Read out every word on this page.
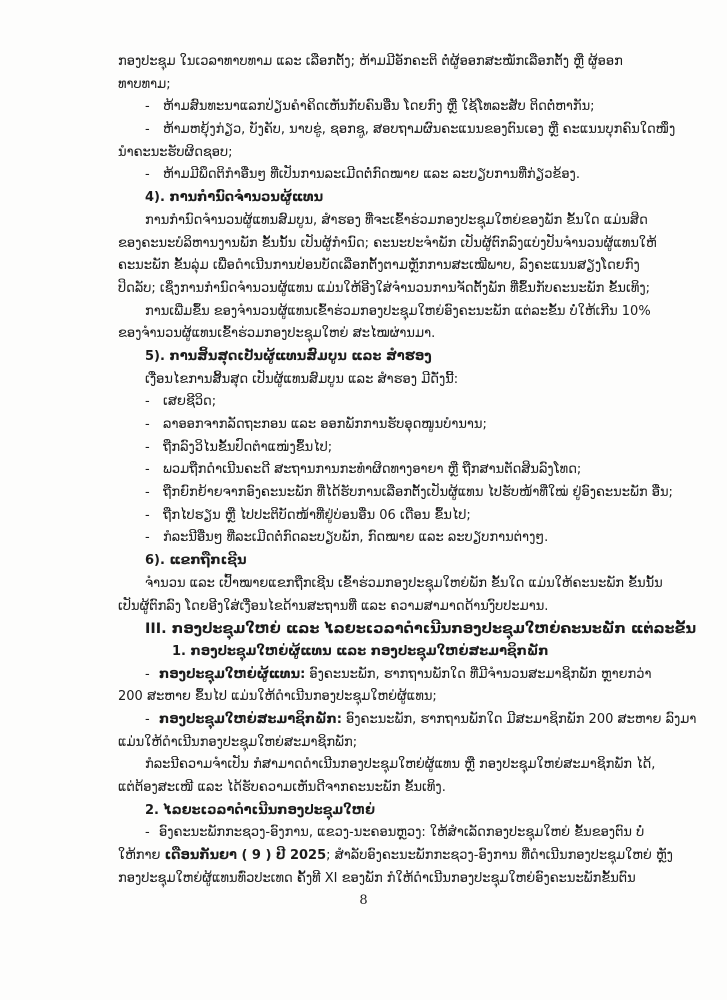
ກອງປະຊຸມ ໃນເວລາທາບທາມ ແລະ ເລືອກຕັ້ງ; ຫ້າມມີອັກຄະຕິ ຕໍ່ຜູ້ອອກສະໝັກເລືອກຕັ້ງ ຫຼື ຜູ້ອອກ
ທາບທາມ;
- ຫ້າມສົນທະນາແລກປ່ຽນຄຳຄິດເຫັນກັບຄົນອື່ນ ໂດຍກົງ ຫຼື ໃຊ້ໂທລະສັບ ຕິດຕໍ່ຫາກັນ;
- ຫ້າມຫຍຸ້ງກ່ຽວ, ບັງຄັບ, ນາບຂູ່, ຊອກຊູ, ສອບຖາມຜົນຄະແນນຂອງຕົນເອງ ຫຼື ຄະແນນບຸກຄົນໃດໜຶ່ງ
ນຳຄະນະຮັບຜິດຊອບ;
- ຫ້າມມີພຶດຕິກຳອື່ນໆ ທີ່ເປັນການລະເມີດຕໍ່ກົດໝາຍ ແລະ ລະບຽບການທີ່ກ່ຽວຂ້ອງ.
4). ການກຳນົດຈຳນວນຜູ້ແທນ
ການກຳນົດຈຳນວນຜູ້ແທນສົມບູນ, ສຳຮອງ ທີ່ຈະເຂົ້າຮ່ວມກອງປະຊຸມໃຫຍ່ຂອງພັກ ຂັ້ນໃດ ແມ່ນສິດ
ຂອງຄະນະບໍລິຫານງານພັກ ຂັ້ນນັ້ນ ເປັນຜູ້ກຳນົດ; ຄະນະປະຈຳພັກ ເປັນຜູ້ຕົກລົງແບ່ງປັນຈຳນວນຜູ້ແທນໃຫ້
ຄະນະພັກ ຂັ້ນລຸ່ມ ເພື່ອດຳເນີນການປ່ອນບັດເລືອກຕັ້ງຕາມຫຼັກການສະເໝີພາບ, ລົງຄະແນນສຽງໂດຍກົງ
ປິດລັບ; ເຊິ່ງການກຳນົດຈຳນວນຜູ້ແທນ ແມ່ນໃຫ້ອີງໃສ່ຈຳນວນການຈັດຕັ້ງພັກ ທີ່ຂຶ້ນກັບຄະນະພັກ ຂັ້ນເທິງ;
ການເພີ່ມຂຶ້ນ ຂອງຈຳນວນຜູ້ແທນເຂົ້າຮ່ວມກອງປະຊຸມໃຫຍ່ອົງຄະນະພັກ ແຕ່ລະຂັ້ນ ບໍ່ໃຫ້ເກີນ 10%
ຂອງຈຳນວນຜູ້ແທນເຂົ້າຮ່ວມກອງປະຊຸມໃຫຍ່ ສະໄໝຜ່ານມາ.
5). ການສິ້ນສຸດເປັນຜູ້ແທນສົມບູນ ແລະ ສຳຮອງ
ເງື່ອນໄຂການສິ້ນສຸດ ເປັນຜູ້ແທນສົມບູນ ແລະ ສຳຮອງ ມີດັ່ງນີ້:
- ເສຍຊີວິດ;
- ລາອອກຈາກລັດຖະກອນ ແລະ ອອກພັກການຮັບອຸດໜູນບຳນານ;
- ຖືກລົງວິໄນຂັ້ນປົດຕຳແໜ່ງຂຶ້ນໄປ;
- ພວມຖືກດຳເນີນຄະດີ ສະຖານການກະທຳຜິດທາງອາຍາ ຫຼື ຖືກສານຕັດສິນລົງໂທດ;
- ຖືກຍົກຍ້າຍຈາກອົງຄະນະພັກ ທີ່ໄດ້ຮັບການເລືອກຕັ້ງເປັນຜູ້ແທນ ໄປຮັບໜ້າທີ່ໃໝ່ ຢູ່ອົງຄະນະພັກ ອື່ນ;
- ຖືກໄປຮຽນ ຫຼື ໄປປະຕິບັດໜ້າທີ່ຢູ່ບ່ອນອື່ນ 06 ເດືອນ ຂຶ້ນໄປ;
- ກໍລະນີອື່ນໆ ທີ່ລະເມີດຕໍ່ກົດລະບຽບພັກ, ກົດໝາຍ ແລະ ລະບຽບການຕ່າງໆ.
6). ແຂກຖືກເຊີນ
ຈຳນວນ ແລະ ເປົ້າໝາຍແຂກຖືກເຊີນ ເຂົ້າຮ່ວມກອງປະຊຸມໃຫຍ່ພັກ ຂັ້ນໃດ ແມ່ນໃຫ້ຄະນະພັກ ຂັ້ນນັ້ນ
ເປັນຜູ້ຕົກລົງ ໂດຍອີງໃສ່ເງື່ອນໄຂດ້ານສະຖານທີ່ ແລະ ຄວາມສາມາດດ້ານງົບປະມານ.
III. ກອງປະຊຸມໃຫຍ່ ແລະ ໄລຍະເວລາດຳເນີນກອງປະຊຸມໃຫຍ່ຄະນະພັກ ແຕ່ລະຂັ້ນ
1. ກອງປະຊຸມໃຫຍ່ຜູ້ແທນ ແລະ ກອງປະຊຸມໃຫຍ່ສະມາຊິກພັກ
- ກອງປະຊຸມໃຫຍ່ຜູ້ແທນ: ອົງຄະນະພັກ, ຮາກຖານພັກໃດ ທີ່ມີຈຳນວນສະມາຊິກພັກ ຫຼາຍກວ່າ
200 ສະຫາຍ ຂຶ້ນໄປ ແມ່ນໃຫ້ດຳເນີນກອງປະຊຸມໃຫຍ່ຜູ້ແທນ;
- ກອງປະຊຸມໃຫຍ່ສະມາຊິກພັກ: ອົງຄະນະພັກ, ຮາກຖານພັກໃດ ມີສະມາຊິກພັກ 200 ສະຫາຍ ລົງມາ
ແມ່ນໃຫ້ດຳເນີນກອງປະຊຸມໃຫຍ່ສະມາຊິກພັກ;
ກໍລະນີຄວາມຈຳເປັນ ກໍສາມາດດຳເນີນກອງປະຊຸມໃຫຍ່ຜູ້ແທນ ຫຼື ກອງປະຊຸມໃຫຍ່ສະມາຊິກພັກ ໄດ້,
ແຕ່ຕ້ອງສະເໜີ ແລະ ໄດ້ຮັບຄວາມເຫັນດີຈາກຄະນະພັກ ຂັ້ນເທິງ.
2. ໄລຍະເວລາດຳເນີນກອງປະຊຸມໃຫຍ່
- ອົງຄະນະພັກກະຊວງ-ອົງການ, ແຂວງ-ນະຄອນຫຼວງ: ໃຫ້ສຳເລັດກອງປະຊຸມໃຫຍ່ ຂັ້ນຂອງຕົນ ບໍ່
ໃຫ້ກາຍ ເດືອນກັນຍາ ( 9 ) ປີ 2025; ສຳລັບອົງຄະນະພັກກະຊວງ-ອົງການ ທີ່ດຳເນີນກອງປະຊຸມໃຫຍ່ ຫຼັງ
ກອງປະຊຸມໃຫຍ່ຜູ້ແທນທົ່ວປະເທດ ຄັ້ງທີ XI ຂອງພັກ ກໍໃຫ້ດຳເນີນກອງປະຊຸມໃຫຍ່ອົງຄະນະພັກຂັ້ນຕົນ
8
